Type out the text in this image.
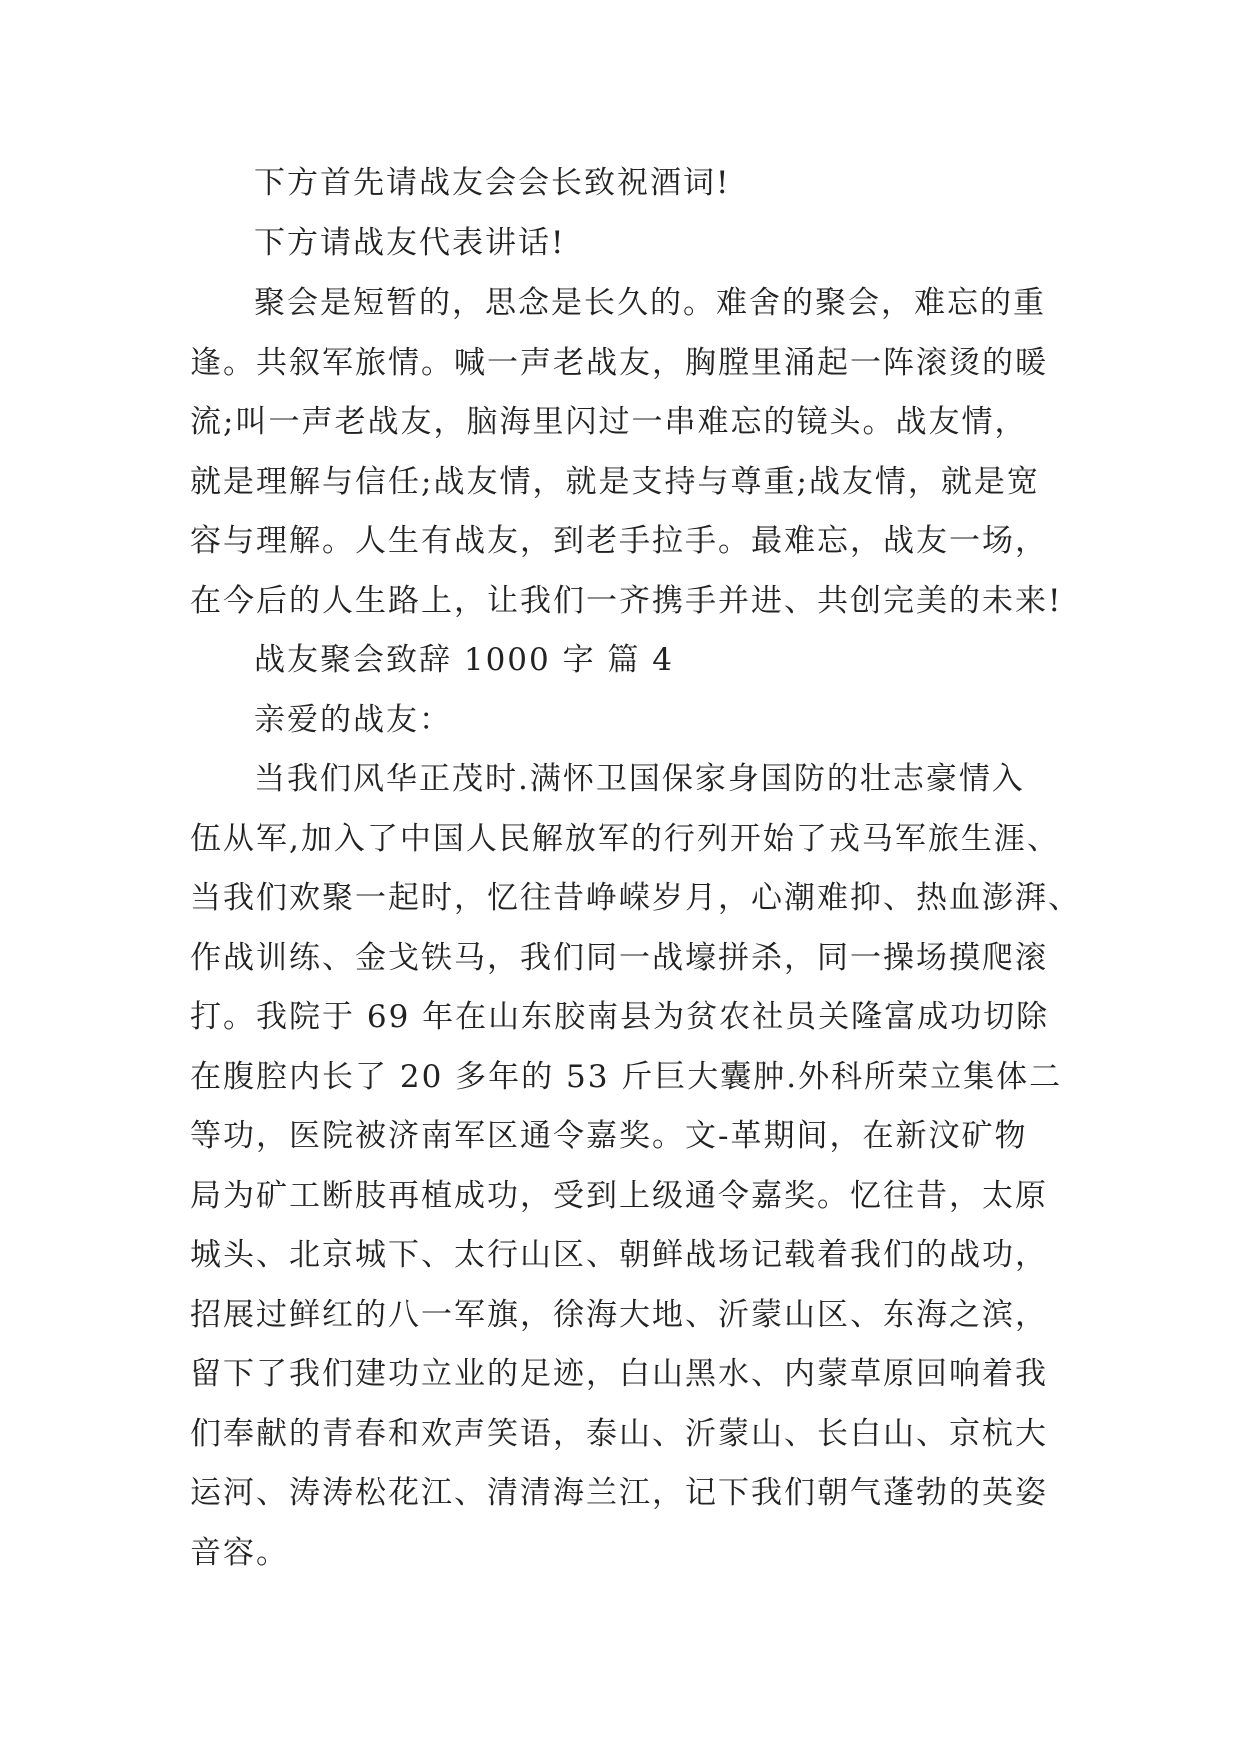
下方首先请战友会会长致祝酒词!
下方请战友代表讲话!
聚会是短暂的，思念是长久的。难舍的聚会，难忘的重
逢。共叙军旅情。喊一声老战友，胸膛里涌起一阵滚烫的暖
流;叫一声老战友，脑海里闪过一串难忘的镜头。战友情，
就是理解与信任;战友情，就是支持与尊重;战友情，就是宽
容与理解。人生有战友，到老手拉手。最难忘，战友一场，
在今后的人生路上，让我们一齐携手并进、共创完美的未来!
战友聚会致辞 1000 字 篇 4
亲爱的战友：
当我们风华正茂时.满怀卫国保家身国防的壮志豪情入
伍从军,加入了中国人民解放军的行列开始了戎马军旅生涯、
当我们欢聚一起时，忆往昔峥嵘岁月，心潮难抑、热血澎湃、
作战训练、金戈铁马，我们同一战壕拼杀，同一操场摸爬滚
打。我院于 69 年在山东胶南县为贫农社员关隆富成功切除
在腹腔内长了 20 多年的 53 斤巨大囊肿.外科所荣立集体二
等功，医院被济南军区通令嘉奖。文-革期间，在新汶矿物
局为矿工断肢再植成功，受到上级通令嘉奖。忆往昔，太原
城头、北京城下、太行山区、朝鲜战场记载着我们的战功，
招展过鲜红的八一军旗，徐海大地、沂蒙山区、东海之滨，
留下了我们建功立业的足迹，白山黑水、内蒙草原回响着我
们奉献的青春和欢声笑语，泰山、沂蒙山、长白山、京杭大
运河、涛涛松花江、清清海兰江，记下我们朝气蓬勃的英姿
音容。
